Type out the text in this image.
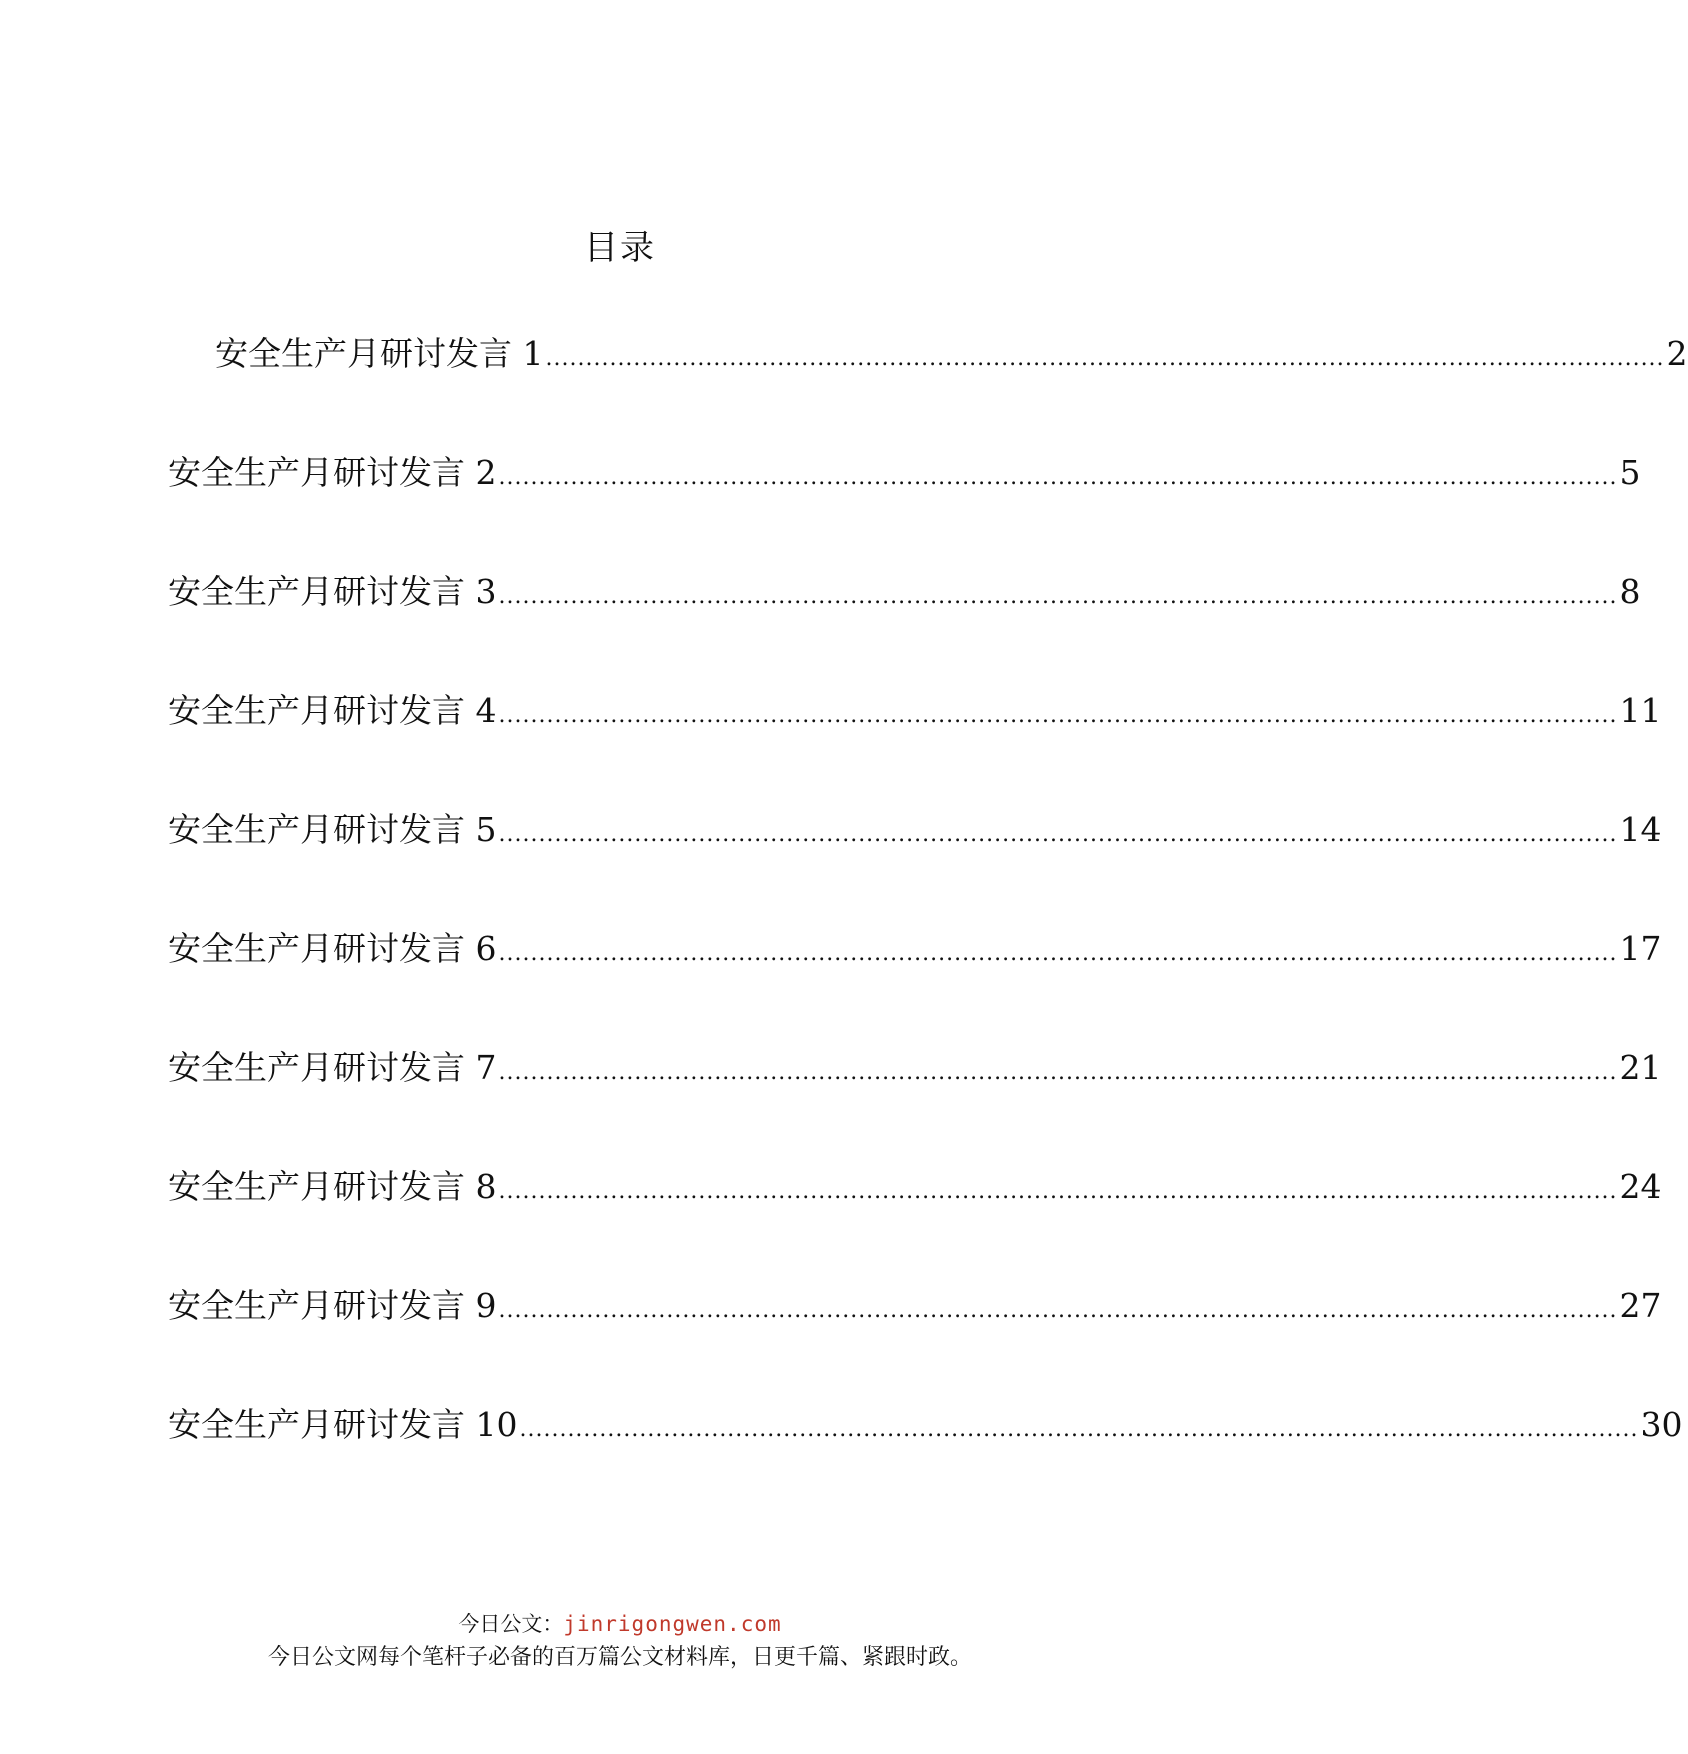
目录
安全生产月研讨发言 1 ............................................................................................................................................ 2
安全生产月研讨发言 2 ............................................................................................................................................ 5
安全生产月研讨发言 3 ............................................................................................................................................ 8
安全生产月研讨发言 4 ............................................................................................................................................ 11
安全生产月研讨发言 5 ............................................................................................................................................ 14
安全生产月研讨发言 6 ............................................................................................................................................ 17
安全生产月研讨发言 7 ............................................................................................................................................ 21
安全生产月研讨发言 8 ............................................................................................................................................ 24
安全生产月研讨发言 9 ............................................................................................................................................ 27
安全生产月研讨发言 10 ............................................................................................................................................ 30
今日公文：jinrigongwen.com
今日公文网每个笔杆子必备的百万篇公文材料库，日更千篇、紧跟时政。
